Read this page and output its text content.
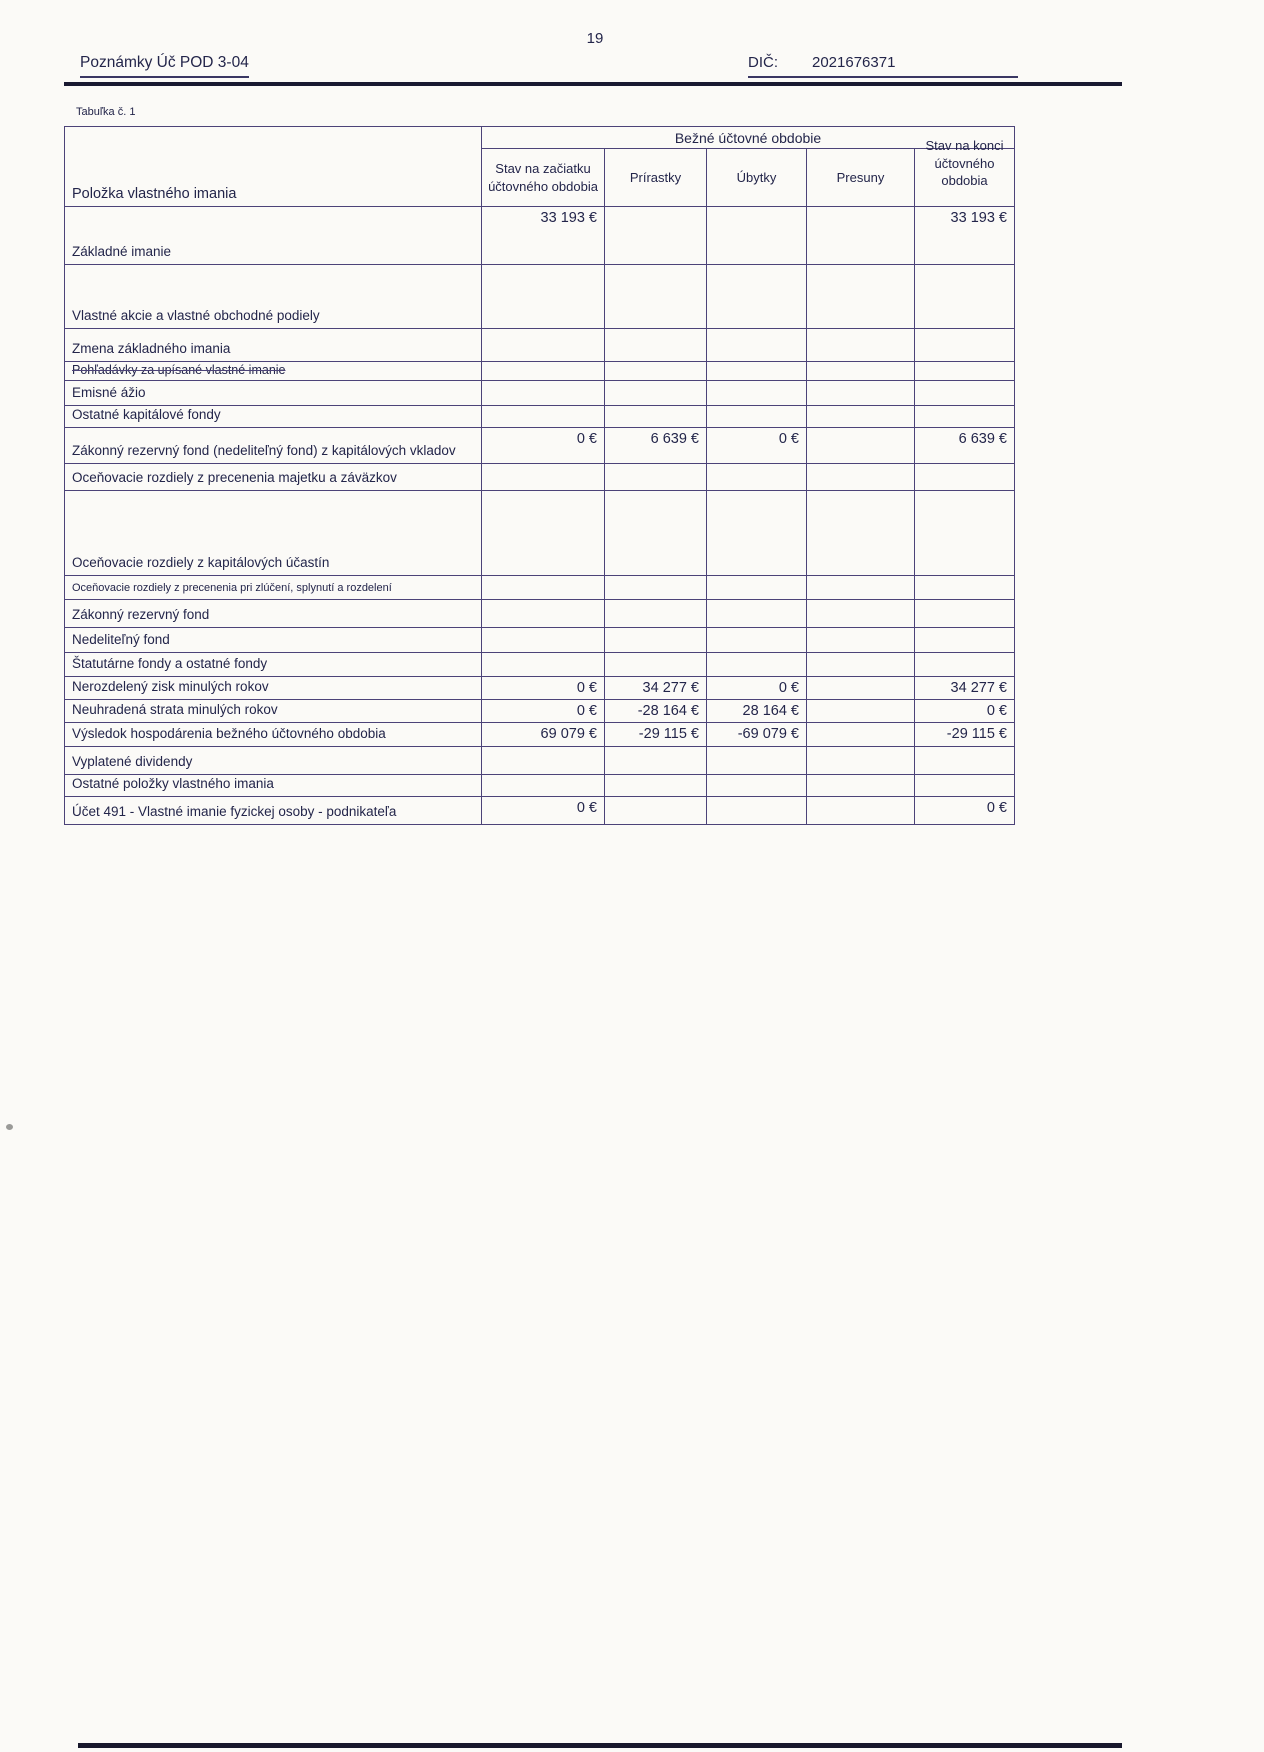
19
Poznámky Úč POD 3-04	DIČ: 2021676371
Tabuľka č. 1
Položka vlastného imania	Bežné účtovné obdobie				

	Stav na začiatku účtovného obdobia	Prírastky	Úbytky	Presuny	Stav na konci účtovného obdobia

Základné imanie	33 193 €				33 193 €
Vlastné akcie a vlastné obchodné podiely					
Zmena základného imania					
Pohľadávky za upísané vlastné imanie					
Emisné ážio					
Ostatné kapitálové fondy					
Zákonný rezervný fond (nedeliteľný fond) z kapitálových vkladov	0 €	6 639 €	0 €		6 639 €
Oceňovacie rozdiely z precenenia majetku a záväzkov					
Oceňovacie rozdiely z kapitálových účastín					
Oceňovacie rozdiely z precenenia pri zlúčení, splynutí a rozdelení					
Zákonný rezervný fond					
Nedeliteľný fond					
Štatutárne fondy a ostatné fondy					
Nerozdelený zisk minulých rokov	0 €	34 277 €	0 €		34 277 €
Neuhradená strata minulých rokov	0 €	-28 164 €	28 164 €		0 €
Výsledok hospodárenia bežného účtovného obdobia	69 079 €	-29 115 €	-69 079 €		-29 115 €
Vyplatené dividendy					
Ostatné položky vlastného imania					
Účet 491 - Vlastné imanie fyzickej osoby - podnikateľa	0 €				0 €
